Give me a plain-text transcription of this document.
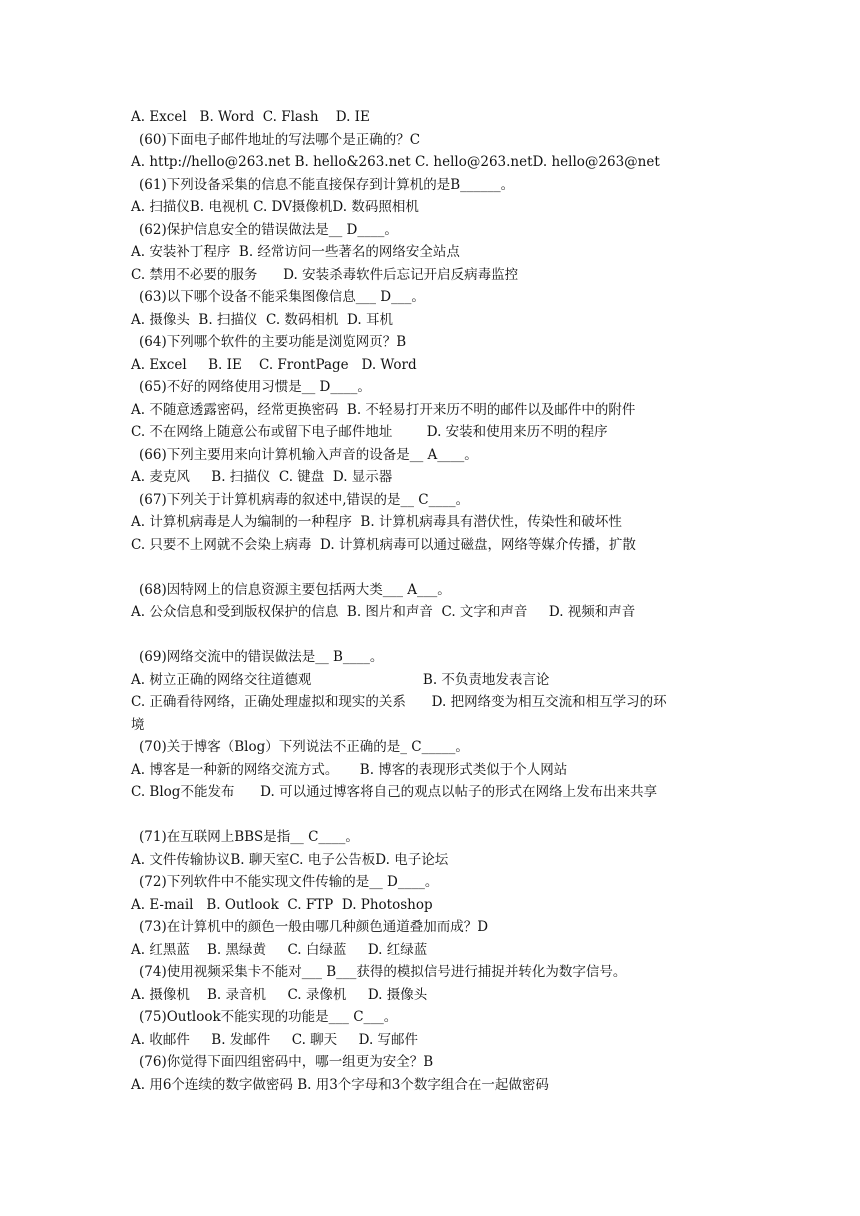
A. Excel   B. Word  C. Flash    D. IE
(60)下面电子邮件地址的写法哪个是正确的？C
A. http://hello@263.net B. hello&263.net C. hello@263.netD. hello@263@net
(61)下列设备采集的信息不能直接保存到计算机的是B______。
A. 扫描仪B. 电视机 C. DV摄像机D. 数码照相机
(62)保护信息安全的错误做法是__ D____。
A. 安装补丁程序  B. 经常访问一些著名的网络安全站点
C. 禁用不必要的服务      D. 安装杀毒软件后忘记开启反病毒监控
(63)以下哪个设备不能采集图像信息___ D___。
A. 摄像头  B. 扫描仪  C. 数码相机  D. 耳机
(64)下列哪个软件的主要功能是浏览网页？B
A. Excel     B. IE    C. FrontPage   D. Word
(65)不好的网络使用习惯是__ D____。
A. 不随意透露密码，经常更换密码  B. 不轻易打开来历不明的邮件以及邮件中的附件
C. 不在网络上随意公布或留下电子邮件地址        D. 安装和使用来历不明的程序
(66)下列主要用来向计算机输入声音的设备是__ A____。
A. 麦克风     B. 扫描仪  C. 键盘  D. 显示器
(67)下列关于计算机病毒的叙述中,错误的是__ C____。
A. 计算机病毒是人为编制的一种程序  B. 计算机病毒具有潜伏性，传染性和破坏性
C. 只要不上网就不会染上病毒  D. 计算机病毒可以通过磁盘，网络等媒介传播，扩散
(68)因特网上的信息资源主要包括两大类___ A___。
A. 公众信息和受到版权保护的信息  B. 图片和声音  C. 文字和声音     D. 视频和声音
(69)网络交流中的错误做法是__ B____。
A. 树立正确的网络交往道德观                          B. 不负责地发表言论
C. 正确看待网络，正确处理虚拟和现实的关系      D. 把网络变为相互交流和相互学习的环
境
(70)关于博客（Blog）下列说法不正确的是_ C_____。
A. 博客是一种新的网络交流方式。     B. 博客的表现形式类似于个人网站
C. Blog不能发布      D. 可以通过博客将自己的观点以帖子的形式在网络上发布出来共享
(71)在互联网上BBS是指__ C____。
A. 文件传输协议B. 聊天室C. 电子公告板D. 电子论坛
(72)下列软件中不能实现文件传输的是__ D____。
A. E-mail   B. Outlook  C. FTP  D. Photoshop
(73)在计算机中的颜色一般由哪几种颜色通道叠加而成？D
A. 红黑蓝    B. 黑绿黄     C. 白绿蓝     D. 红绿蓝
(74)使用视频采集卡不能对___ B___获得的模拟信号进行捕捉并转化为数字信号。
A. 摄像机    B. 录音机     C. 录像机     D. 摄像头
(75)Outlook不能实现的功能是___ C___。
A. 收邮件     B. 发邮件     C. 聊天     D. 写邮件
(76)你觉得下面四组密码中，哪一组更为安全？B
A. 用6个连续的数字做密码 B. 用3个字母和3个数字组合在一起做密码
